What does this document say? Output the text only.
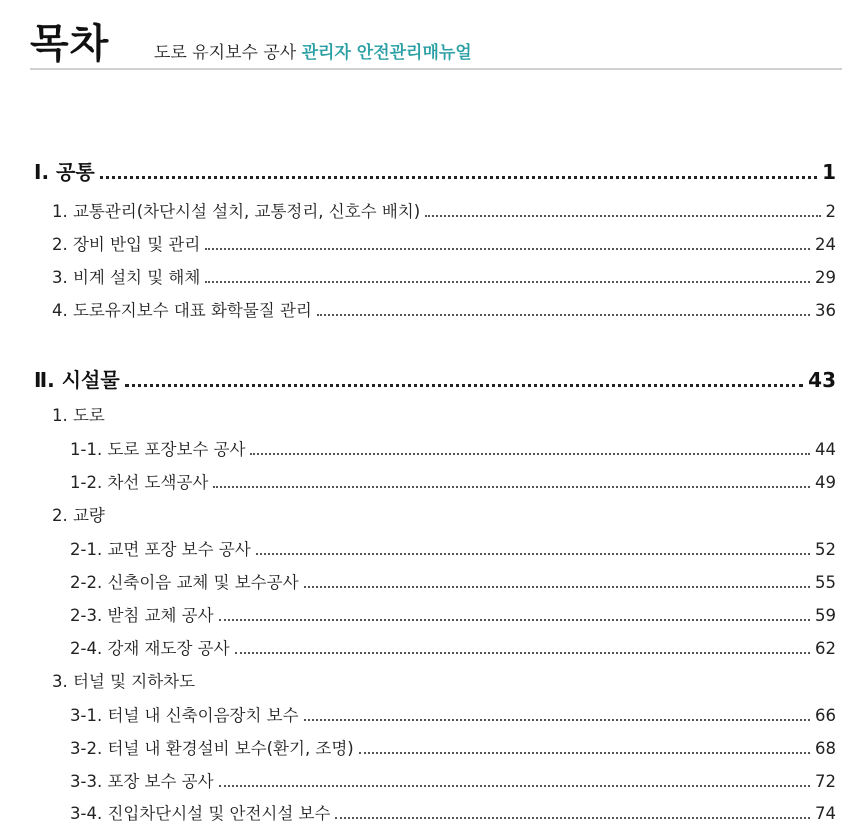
목차	도로 유지보수 공사 관리자 안전관리매뉴얼
Ⅰ. 공통	1
1. 교통관리(차단시설 설치, 교통정리, 신호수 배치)	2
2. 장비 반입 및 관리	24
3. 비계 설치 및 해체	29
4. 도로유지보수 대표 화학물질 관리	36
Ⅱ. 시설물	43
1. 도로
1-1. 도로 포장보수 공사	44
1-2. 차선 도색공사	49
2. 교량
2-1. 교면 포장 보수 공사	52
2-2. 신축이음 교체 및 보수공사	55
2-3. 받침 교체 공사	59
2-4. 강재 재도장 공사	62
3. 터널 및 지하차도
3-1. 터널 내 신축이음장치 보수	66
3-2. 터널 내 환경설비 보수(환기, 조명)	68
3-3. 포장 보수 공사	72
3-4. 진입차단시설 및 안전시설 보수	74
